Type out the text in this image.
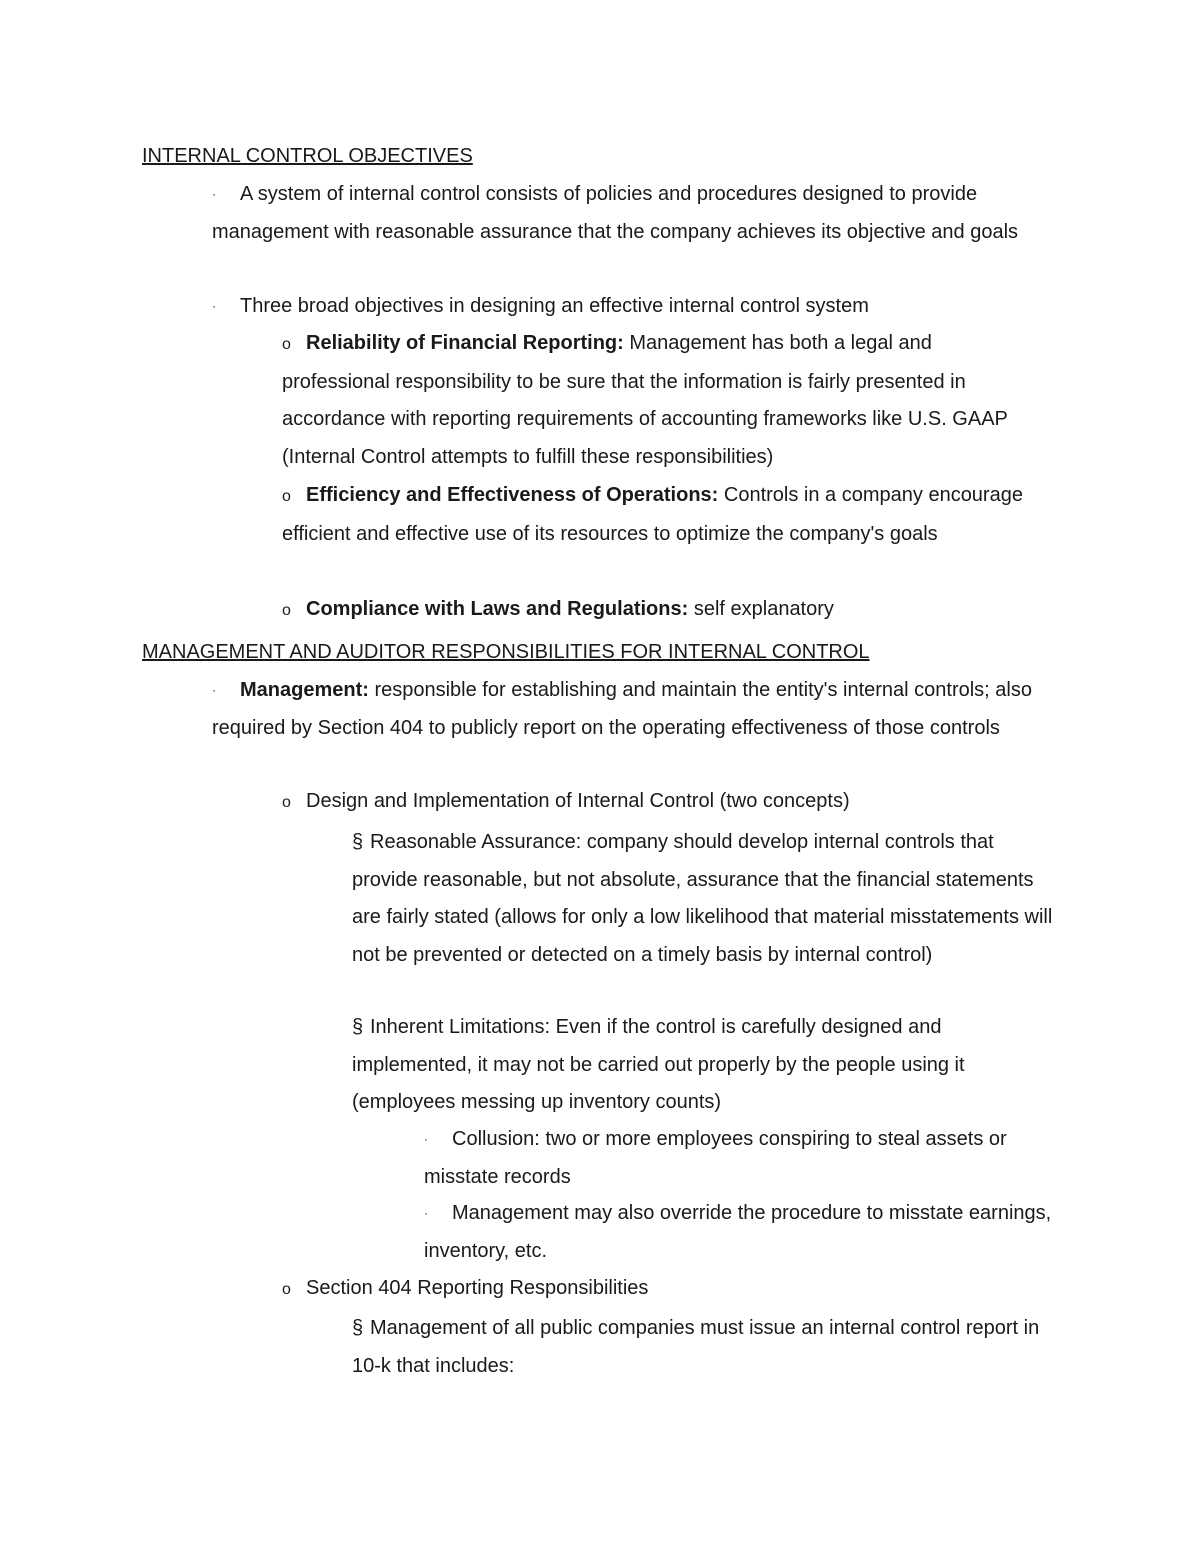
INTERNAL CONTROL OBJECTIVES

· A system of internal control consists of policies and procedures designed to provide management with reasonable assurance that the company achieves its objective and goals

· Three broad objectives in designing an effective internal control system

o Reliability of Financial Reporting: Management has both a legal and professional responsibility to be sure that the information is fairly presented in accordance with reporting requirements of accounting frameworks like U.S. GAAP (Internal Control attempts to fulfill these responsibilities)

o Efficiency and Effectiveness of Operations: Controls in a company encourage efficient and effective use of its resources to optimize the company's goals

o Compliance with Laws and Regulations: self explanatory

MANAGEMENT AND AUDITOR RESPONSIBILITIES FOR INTERNAL CONTROL

· Management: responsible for establishing and maintain the entity's internal controls; also required by Section 404 to publicly report on the operating effectiveness of those controls

o Design and Implementation of Internal Control (two concepts)

§ Reasonable Assurance: company should develop internal controls that provide reasonable, but not absolute, assurance that the financial statements are fairly stated (allows for only a low likelihood that material misstatements will not be prevented or detected on a timely basis by internal control)

§ Inherent Limitations: Even if the control is carefully designed and implemented, it may not be carried out properly by the people using it (employees messing up inventory counts)

· Collusion: two or more employees conspiring to steal assets or misstate records

· Management may also override the procedure to misstate earnings, inventory, etc.

o Section 404 Reporting Responsibilities

§ Management of all public companies must issue an internal control report in 10-k that includes:
